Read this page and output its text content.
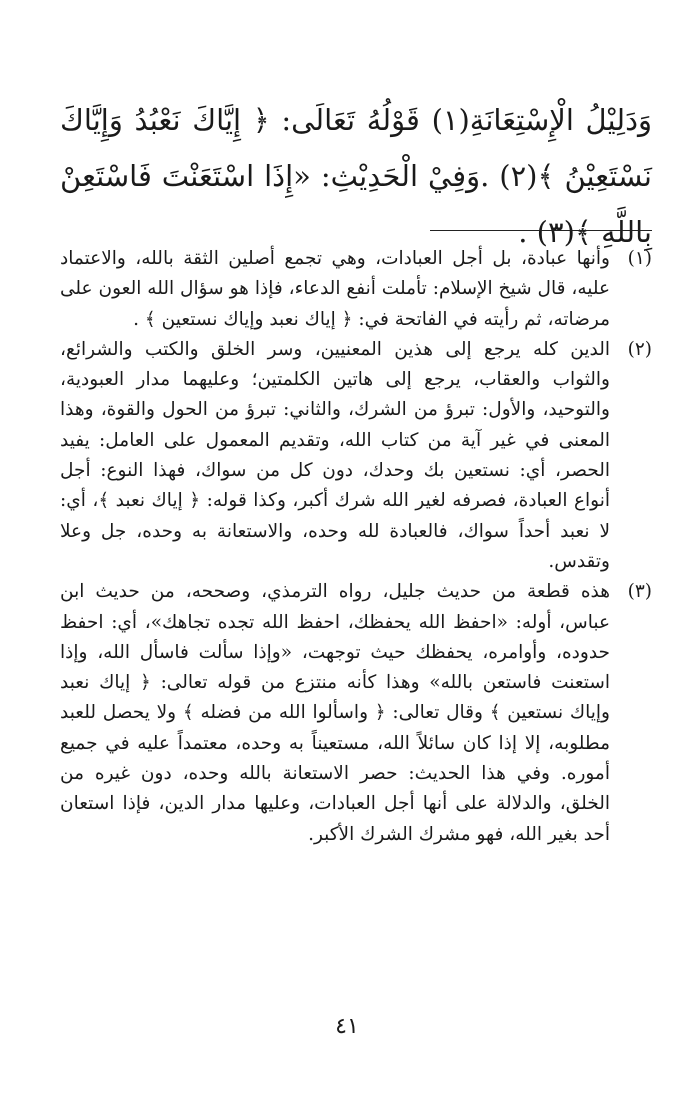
وَدَلِيْلُ الْإِسْتِعَانَةِ(١) قَوْلُهُ تَعَالَى: ﴿ إِيَّاكَ نَعْبُدُ وَإِيَّاكَ نَسْتَعِيْنُ ﴾(٢) .وَفِيْ الْحَدِيْثِ: «إِذَا اسْتَعَنْتَ فَاسْتَعِنْ بِاللَّهِ ﴾(٣) .

(١)
وأنها عبادة، بل أجل العبادات، وهي تجمع أصلين الثقة بالله، والاعتماد عليه، قال شيخ الإسلام: تأملت أنفع الدعاء، فإذا هو سؤال الله العون على مرضاته، ثم رأيته في الفاتحة في: ﴿ إياك نعبد وإياك نستعين ﴾ .

(٢)
الدين كله يرجع إلى هذين المعنيين، وسر الخلق والكتب والشرائع، والثواب والعقاب، يرجع إلى هاتين الكلمتين؛ وعليهما مدار العبودية، والتوحيد، والأول: تبرؤ من الشرك، والثاني: تبرؤ من الحول والقوة، وهذا المعنى في غير آية من كتاب الله، وتقديم المعمول على العامل: يفيد الحصر، أي: نستعين بك وحدك، دون كل من سواك، فهذا النوع: أجل أنواع العبادة، فصرفه لغير الله شرك أكبر، وكذا قوله: ﴿ إياك نعبد ﴾، أي: لا نعبد أحداً سواك، فالعبادة لله وحده، والاستعانة به وحده، جل وعلا وتقدس.

(٣)
هذه قطعة من حديث جليل، رواه الترمذي، وصححه، من حديث ابن عباس، أوله: «احفظ الله يحفظك، احفظ الله تجده تجاهك»، أي: احفظ حدوده، وأوامره، يحفظك حيث توجهت، «وإذا سألت فاسأل الله، وإذا استعنت فاستعن بالله» وهذا كأنه منتزع من قوله تعالى: ﴿ إياك نعبد وإياك نستعين ﴾ وقال تعالى: ﴿ واسألوا الله من فضله ﴾ ولا يحصل للعبد مطلوبه، إلا إذا كان سائلاً الله، مستعيناً به وحده، معتمداً عليه في جميع أموره. وفي هذا الحديث: حصر الاستعانة بالله وحده، دون غيره من الخلق، والدلالة على أنها أجل العبادات، وعليها مدار الدين، فإذا استعان أحد بغير الله، فهو مشرك الشرك الأكبر.

٤١
